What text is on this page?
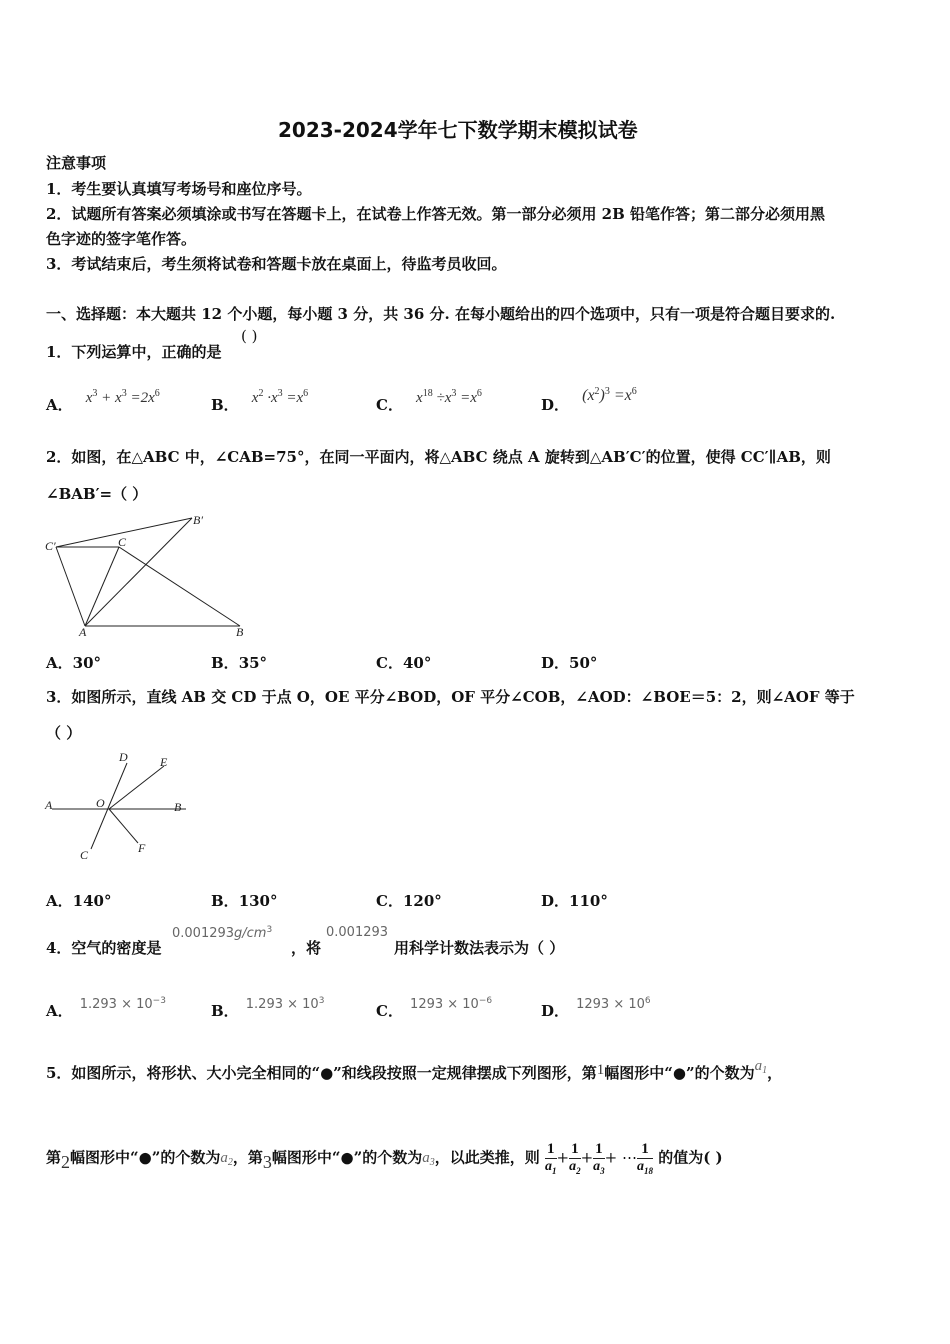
2023-2024学年七下数学期末模拟试卷
注意事项
1．考生要认真填写考场号和座位序号。
2．试题所有答案必须填涂或书写在答题卡上，在试卷上作答无效。第一部分必须用 2B 铅笔作答；第二部分必须用黑
色字迹的签字笔作答。
3．考试结束后，考生须将试卷和答题卡放在桌面上，待监考员收回。
一、选择题：本大题共 12 个小题，每小题 3 分，共 36 分. 在每小题给出的四个选项中，只有一项是符合题目要求的.
1．下列运算中，正确的是
( )
A． $x^3 + x^3 =2x^6$
B． $x^2 \cdot x^3 =x^6$
C． $x^{18} \div x^3 =x^6$
D． $(x^2)^3 =x^6$
2．如图，在△ABC 中，∠CAB=75°，在同一平面内，将△ABC 绕点 A 旋转到△AB′C′的位置，使得 CC′∥AB，则
∠BAB′=（ ）
C′	C
B′
A	B
A．30°	B．35°	C．40°	D．50°
3．如图所示，直线 AB 交 CD 于点 O，OE 平分∠BOD，OF 平分∠COB，∠AOD：∠BOE＝5：2，则∠AOF 等于
（ ）
A	O	B
D	E
C	F
A．140°	B．130°	C．120°	D．110°
4．空气的密度是
$0.001293g/cm^3$
，将
0.001293
用科学计数法表示为（ ）
A． $^{1.293 \times 10^{-3}}$
B． $^{1.293 \times 10^3}$
C． $^{1293 \times 10^{-6}}$
D． $^{1293 \times 10^6}$
5．如图所示，将形状、大小完全相同的“●”和线段按照一定规律摆成下列图形，第1幅图形中“●”的个数为$a_1$，
第2幅图形中“●”的个数为$a_2$，第3幅图形中“●”的个数为$a_3$，以此类推，则 $\frac{1}{a_1} + \frac{1}{a_2} + \frac{1}{a_3}$ + ⋯ $\frac{1}{a_{18}}$ 的值为( )
